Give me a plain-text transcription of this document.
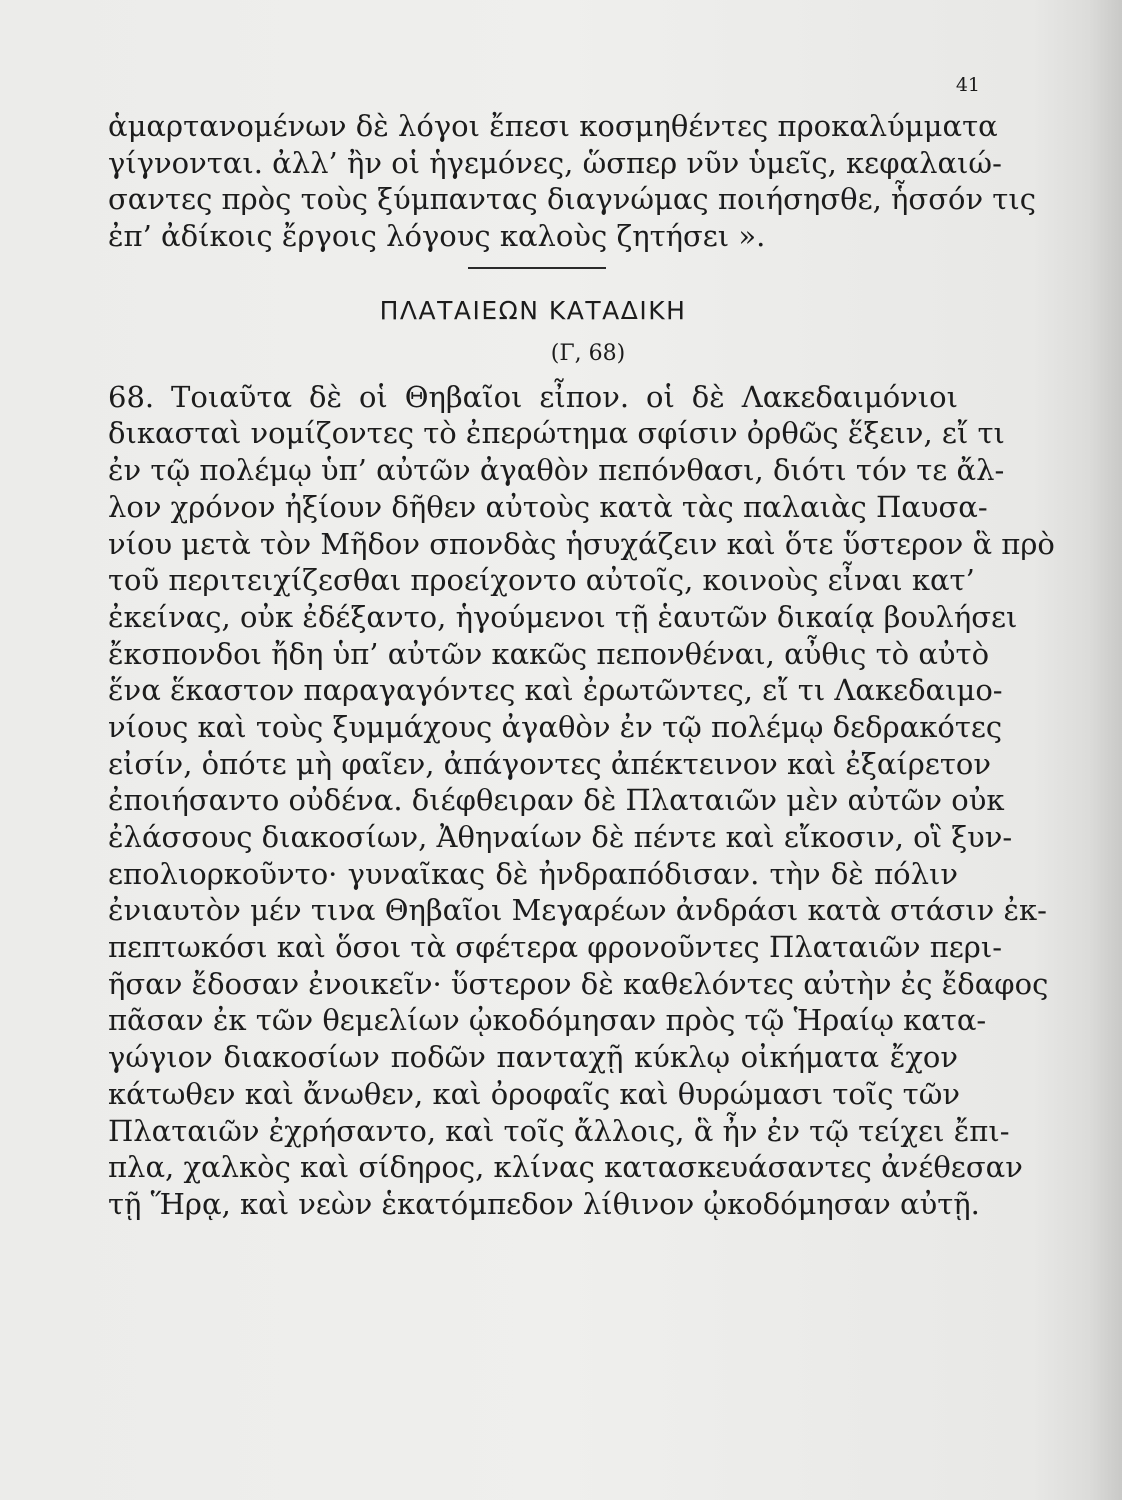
41
ἁμαρτανομένων δὲ λόγοι ἔπεσι κοσμηθέντες προκαλύμματα
γίγνονται. ἀλλ’ ἢν οἱ ἡγεμόνες, ὥσπερ νῦν ὑμεῖς, κεφαλαιώ-
σαντες πρὸς τοὺς ξύμπαντας διαγνώμας ποιήσησθε, ἧσσόν τις
ἐπ’ ἀδίκοις ἔργοις λόγους καλοὺς ζητήσει ».
ΠΛΑΤΑΙΕΩΝ ΚΑΤΑΔΙΚΗ
(Γ, 68)
68. Τοιαῦτα δὲ οἱ Θηβαῖοι εἶπον. οἱ δὲ Λακεδαιμόνιοι
δικασταὶ νομίζοντες τὸ ἐπερώτημα σφίσιν ὀρθῶς ἕξειν, εἴ τι
ἐν τῷ πολέμῳ ὑπ’ αὐτῶν ἀγαθὸν πεπόνθασι, διότι τόν τε ἄλ-
λον χρόνον ἠξίουν δῆθεν αὐτοὺς κατὰ τὰς παλαιὰς Παυσα-
νίου μετὰ τὸν Μῆδον σπονδὰς ἡσυχάζειν καὶ ὅτε ὕστερον ἃ πρὸ
τοῦ περιτειχίζεσθαι προείχοντο αὐτοῖς, κοινοὺς εἶναι κατ’
ἐκείνας, οὐκ ἐδέξαντο, ἡγούμενοι τῇ ἑαυτῶν δικαίᾳ βουλήσει
ἔκσπονδοι ἤδη ὑπ’ αὐτῶν κακῶς πεπονθέναι, αὖθις τὸ αὐτὸ
ἕνα ἕκαστον παραγαγόντες καὶ ἐρωτῶντες, εἴ τι Λακεδαιμο-
νίους καὶ τοὺς ξυμμάχους ἀγαθὸν ἐν τῷ πολέμῳ δεδρακότες
εἰσίν, ὁπότε μὴ φαῖεν, ἀπάγοντες ἀπέκτεινον καὶ ἐξαίρετον
ἐποιήσαντο οὐδένα. διέφθειραν δὲ Πλαταιῶν μὲν αὐτῶν οὐκ
ἐλάσσους διακοσίων, Ἀθηναίων δὲ πέντε καὶ εἴκοσιν, οἳ ξυν-
επολιορκοῦντο· γυναῖκας δὲ ἠνδραπόδισαν. τὴν δὲ πόλιν
ἐνιαυτὸν μέν τινα Θηβαῖοι Μεγαρέων ἀνδράσι κατὰ στάσιν ἐκ-
πεπτωκόσι καὶ ὅσοι τὰ σφέτερα φρονοῦντες Πλαταιῶν περι-
ῆσαν ἔδοσαν ἐνοικεῖν· ὕστερον δὲ καθελόντες αὐτὴν ἐς ἔδαφος
πᾶσαν ἐκ τῶν θεμελίων ᾠκοδόμησαν πρὸς τῷ Ἡραίῳ κατα-
γώγιον διακοσίων ποδῶν πανταχῇ κύκλῳ οἰκήματα ἔχον
κάτωθεν καὶ ἄνωθεν, καὶ ὀροφαῖς καὶ θυρώμασι τοῖς τῶν
Πλαταιῶν ἐχρήσαντο, καὶ τοῖς ἄλλοις, ἃ ἦν ἐν τῷ τείχει ἔπι-
πλα, χαλκὸς καὶ σίδηρος, κλίνας κατασκευάσαντες ἀνέθεσαν
τῇ Ἥρᾳ, καὶ νεὼν ἑκατόμπεδον λίθινον ᾠκοδόμησαν αὐτῇ.
